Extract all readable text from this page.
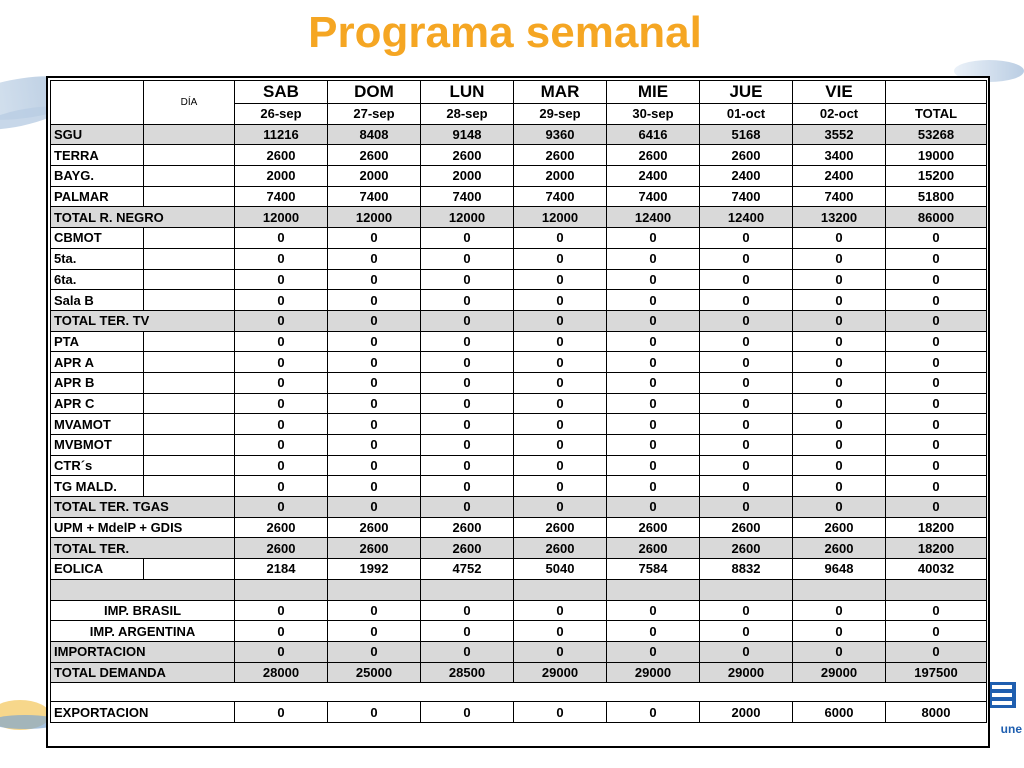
une
Programa semanal
	DÍA	SAB	DOM	LUN	MAR	MIE	JUE	VIE	
		26-sep	27-sep	28-sep	29-sep	30-sep	01-oct	02-oct	TOTAL
SGU		11216	8408	9148	9360	6416	5168	3552	53268
TERRA		2600	2600	2600	2600	2600	2600	3400	19000
BAYG.		2000	2000	2000	2000	2400	2400	2400	15200
PALMAR		7400	7400	7400	7400	7400	7400	7400	51800
TOTAL R. NEGRO		12000	12000	12000	12000	12400	12400	13200	86000
CBMOT		0	0	0	0	0	0	0	0
5ta.		0	0	0	0	0	0	0	0
6ta.		0	0	0	0	0	0	0	0
Sala B		0	0	0	0	0	0	0	0
TOTAL TER. TV		0	0	0	0	0	0	0	0
PTA		0	0	0	0	0	0	0	0
APR A		0	0	0	0	0	0	0	0
APR B		0	0	0	0	0	0	0	0
APR C		0	0	0	0	0	0	0	0
MVAMOT		0	0	0	0	0	0	0	0
MVBMOT		0	0	0	0	0	0	0	0
CTR´s		0	0	0	0	0	0	0	0
TG MALD.		0	0	0	0	0	0	0	0
TOTAL TER. TGAS		0	0	0	0	0	0	0	0
UPM + MdelP + GDIS		2600	2600	2600	2600	2600	2600	2600	18200
TOTAL TER.		2600	2600	2600	2600	2600	2600	2600	18200
EOLICA		2184	1992	4752	5040	7584	8832	9648	40032

IMP. BRASIL		0	0	0	0	0	0	0	0
IMP. ARGENTINA		0	0	0	0	0	0	0	0
IMPORTACION		0	0	0	0	0	0	0	0
TOTAL DEMANDA		28000	25000	28500	29000	29000	29000	29000	197500

EXPORTACION		0	0	0	0	0	2000	6000	8000
